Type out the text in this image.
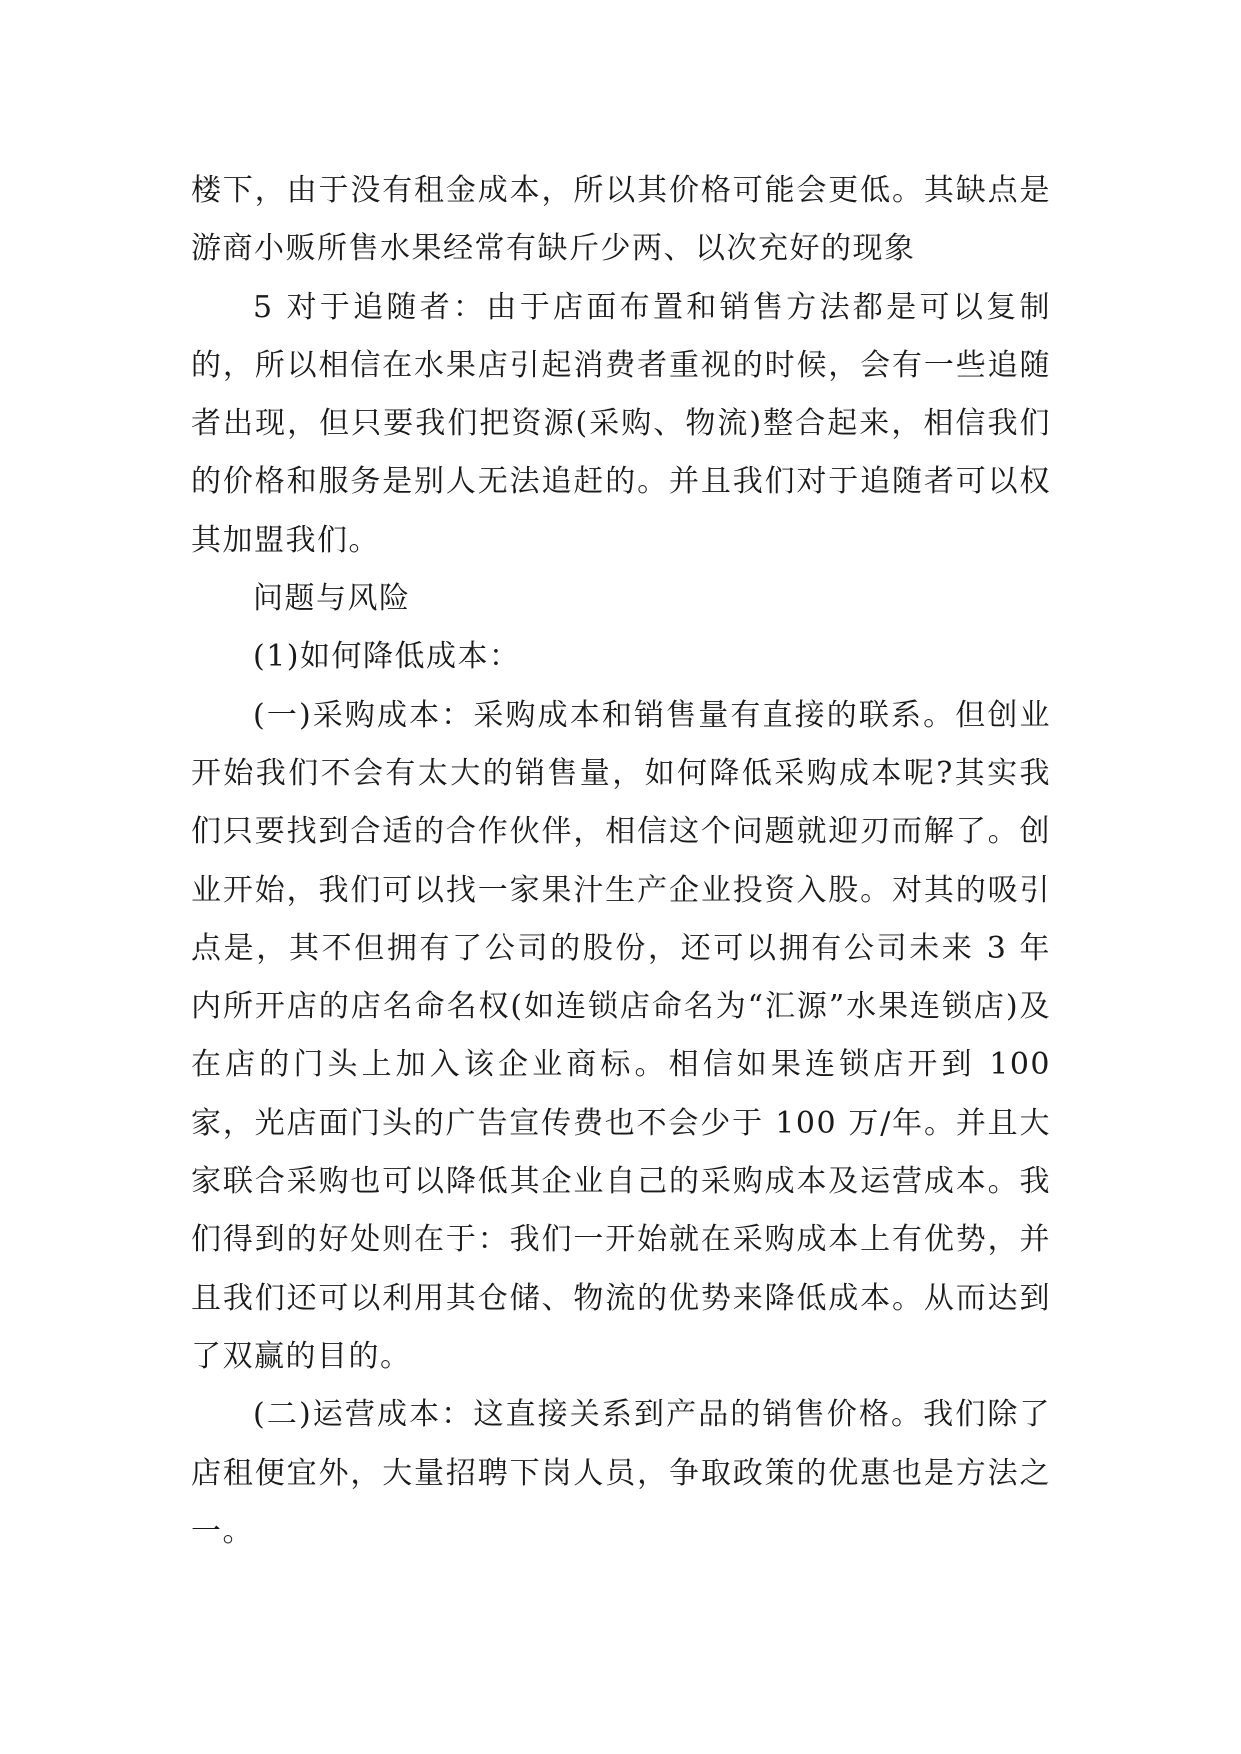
楼下，由于没有租金成本，所以其价格可能会更低。其缺点是游商小贩所售水果经常有缺斤少两、以次充好的现象

5 对于追随者：由于店面布置和销售方法都是可以复制的，所以相信在水果店引起消费者重视的时候，会有一些追随者出现，但只要我们把资源(采购、物流)整合起来，相信我们的价格和服务是别人无法追赶的。并且我们对于追随者可以权其加盟我们。

问题与风险

(1)如何降低成本：

(一)采购成本：采购成本和销售量有直接的联系。但创业开始我们不会有太大的销售量，如何降低采购成本呢?其实我们只要找到合适的合作伙伴，相信这个问题就迎刃而解了。创业开始，我们可以找一家果汁生产企业投资入股。对其的吸引点是，其不但拥有了公司的股份，还可以拥有公司未来 3 年内所开店的店名命名权(如连锁店命名为“汇源”水果连锁店)及在店的门头上加入该企业商标。相信如果连锁店开到 100 家，光店面门头的广告宣传费也不会少于 100 万/年。并且大家联合采购也可以降低其企业自己的采购成本及运营成本。我们得到的好处则在于：我们一开始就在采购成本上有优势，并且我们还可以利用其仓储、物流的优势来降低成本。从而达到了双赢的目的。

(二)运营成本：这直接关系到产品的销售价格。我们除了店租便宜外，大量招聘下岗人员，争取政策的优惠也是方法之一。
